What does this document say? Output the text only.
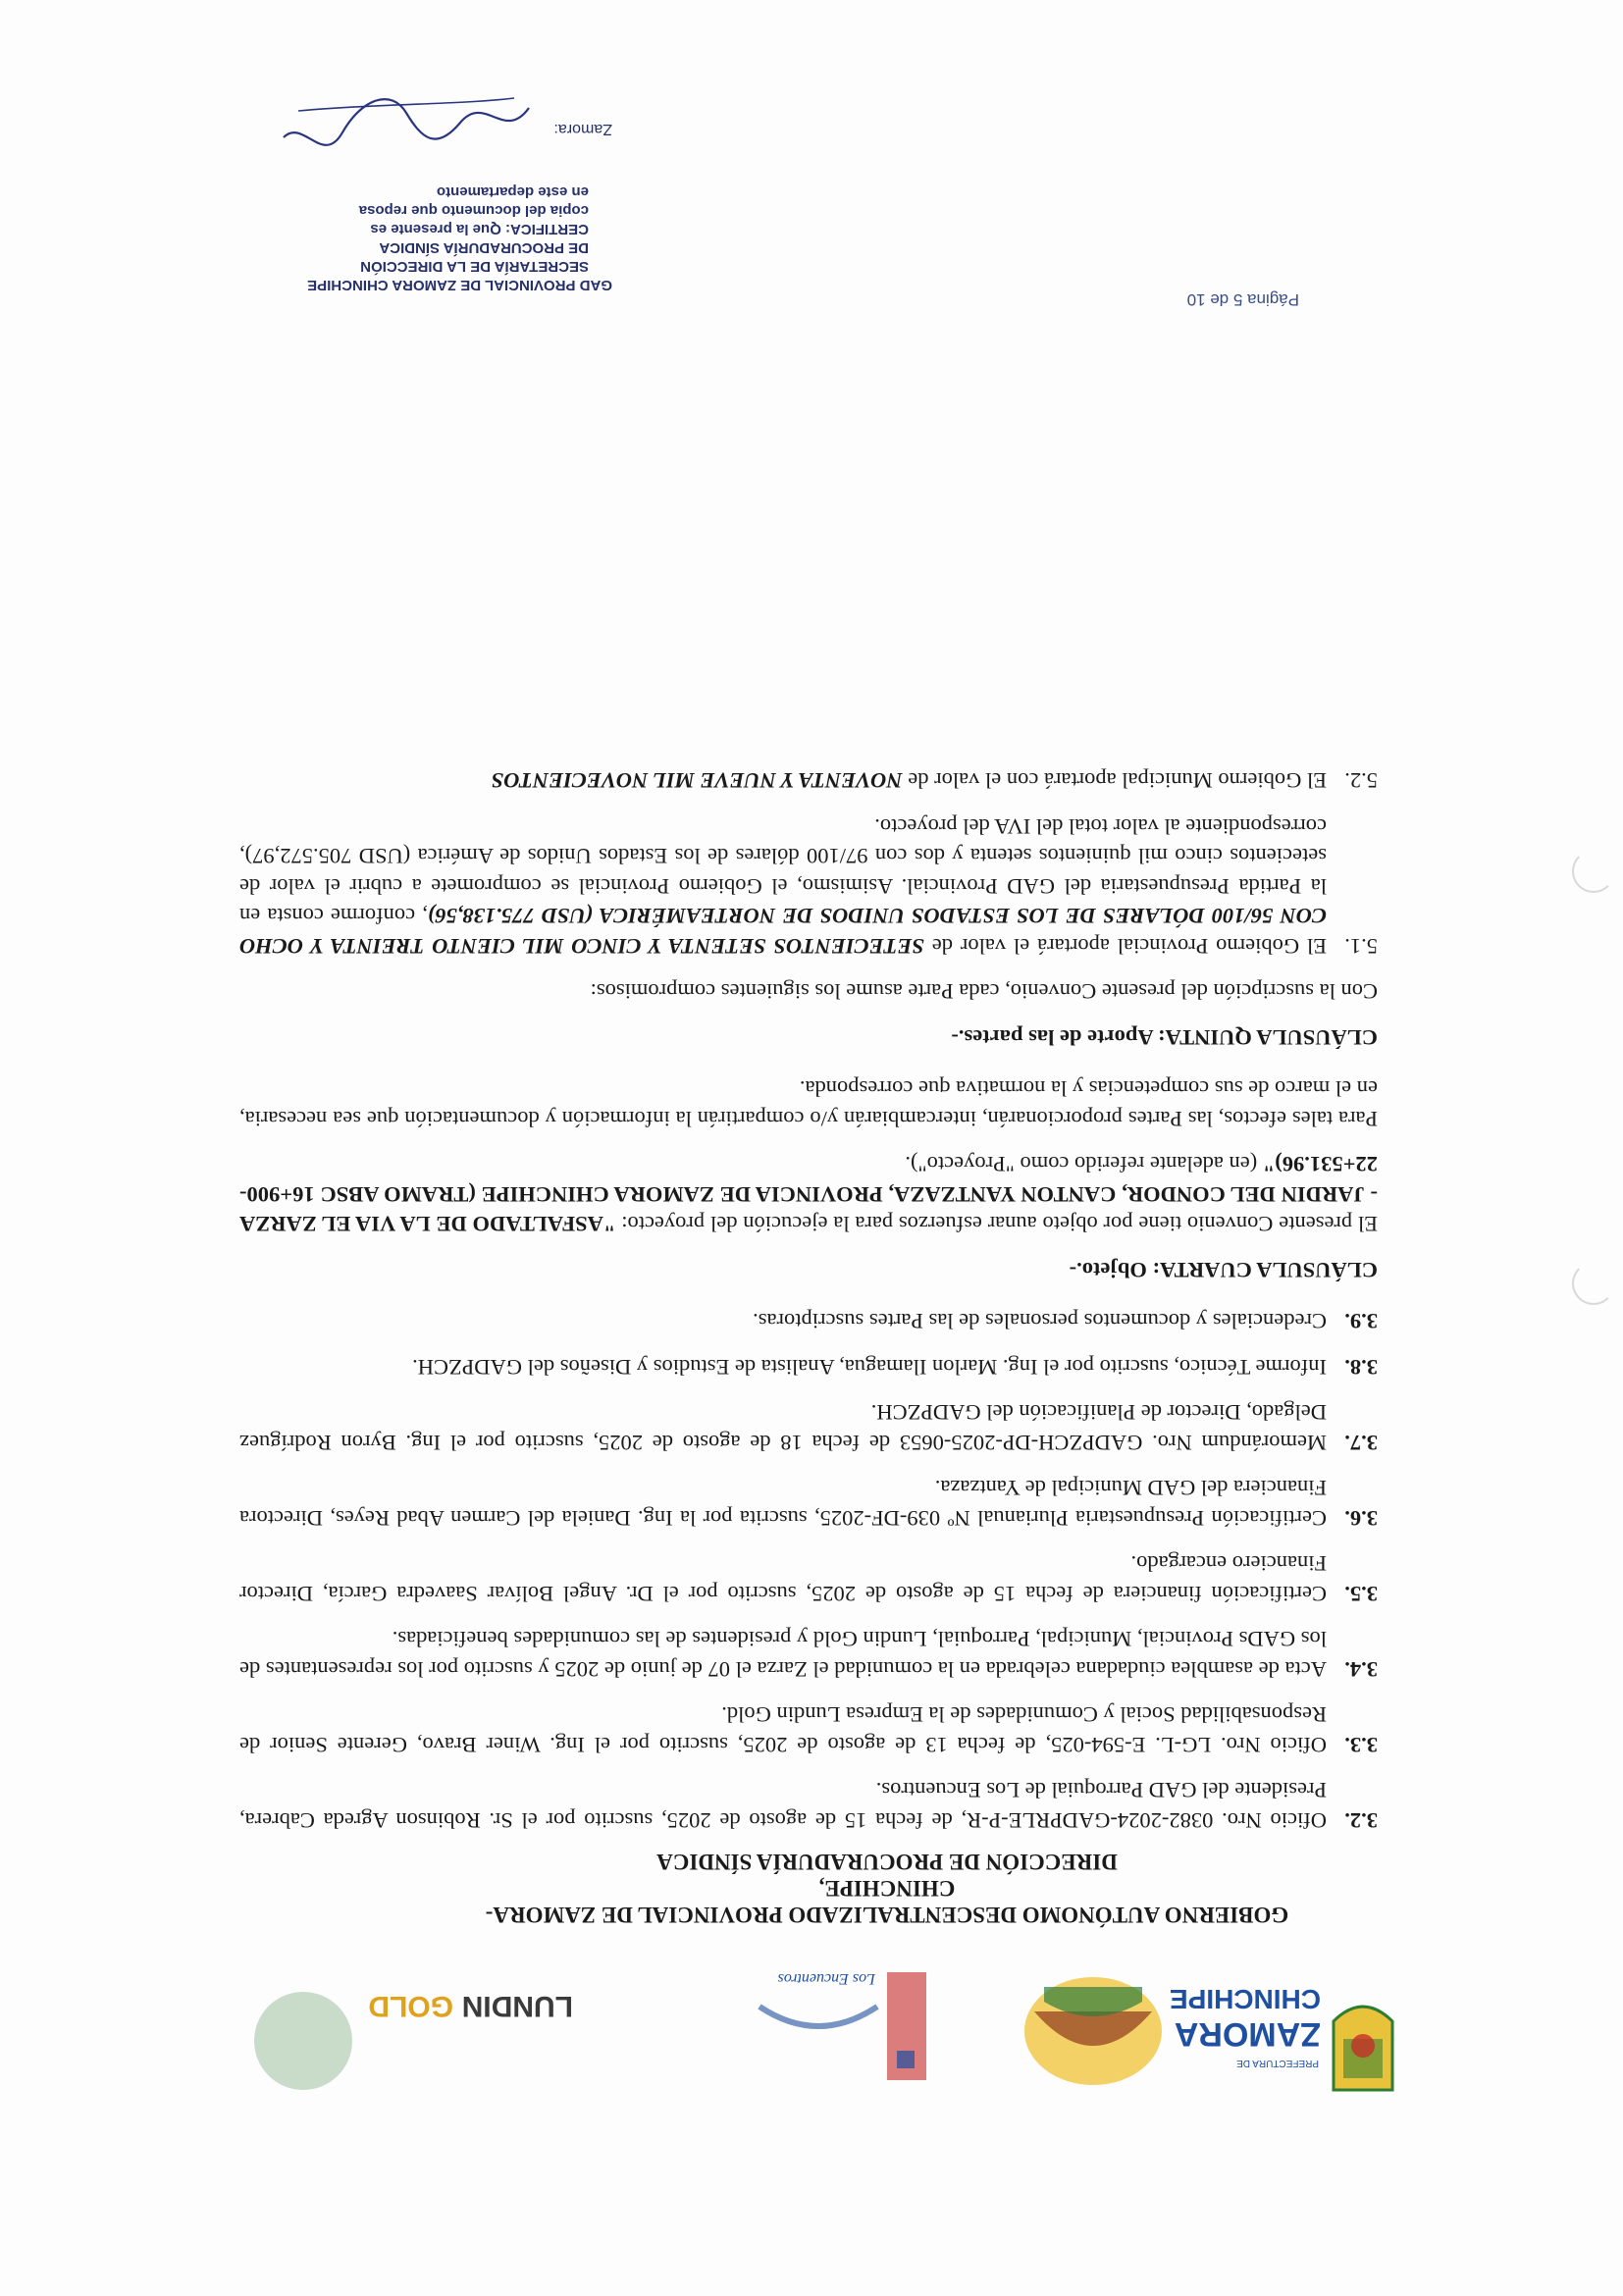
PREFECTURA DE
ZAMORA
CHINCHIPE
Los Encuentros
LUNDIN
GOLD
GOBIERNO AUTÓNOMO DESCENTRALIZADO PROVINCIAL DE ZAMORA-
CHINCHIPE,
DIRECCIÓN DE PROCURADURÍA SÍNDICA
3.2.
Oficio Nro. 0382-2024-GADPRLE-P-R, de fecha 15 de agosto de 2025, suscrito por el Sr. Robinson Agreda Cabrera, Presidente del GAD Parroquial de Los Encuentros.
3.3.
Oficio Nro. LG-L. E-594-025, de fecha 13 de agosto de 2025, suscrito por el Ing. Winer Bravo, Gerente Senior de Responsabilidad Social y Comunidades de la Empresa Lundin Gold.
3.4.
Acta de asamblea ciudadana celebrada en la comunidad el Zarza el 07 de junio de 2025 y suscrito por los representantes de los GADs Provincial, Municipal, Parroquial, Lundin Gold y presidentes de las comunidades beneficiadas.
3.5.
Certificación financiera de fecha 15 de agosto de 2025, suscrito por el Dr. Angel Bolívar Saavedra García, Director Financiero encargado.
3.6.
Certificación Presupuestaria Plurianual Nº 039-DF-2025, suscrita por la Ing. Daniela del Carmen Abad Reyes, Directora Financiera del GAD Municipal de Yantzaza.
3.7.
Memorándum Nro. GADPZCH-DP-2025-0653 de fecha 18 de agosto de 2025, suscrito por el Ing. Byron Rodríguez Delgado, Director de Planificación del GADPZCH.
3.8.
Informe Técnico, suscrito por el Ing. Marlon Ilamagua, Analista de Estudios y Diseños del GADPZCH.
3.9.
Credenciales y documentos personales de las Partes suscriptoras.
CLÁUSULA CUARTA: Objeto.-
El presente Convenio tiene por objeto aunar esfuerzos para la ejecución del proyecto: "ASFALTADO DE LA VIA EL ZARZA - JARDIN DEL CONDOR, CANTON YANTZAZA, PROVINCIA DE ZAMORA CHINCHIPE (TRAMO ABSC 16+900-22+531.96)" (en adelante referido como "Proyecto").
Para tales efectos, las Partes proporcionarán, intercambiarán y/o compartirán la información y documentación que sea necesaria, en el marco de sus competencias y la normativa que corresponda.
CLÁUSULA QUINTA: Aporte de las partes.-
Con la suscripción del presente Convenio, cada Parte asume los siguientes compromisos:
5.1.
El Gobierno Provincial aportará el valor de SETECIENTOS SETENTA Y CINCO MIL CIENTO TREINTA Y OCHO CON 56/100 DÓLARES DE LOS ESTADOS UNIDOS DE NORTEAMÉRICA (USD 775.138,56), conforme consta en la Partida Presupuestaria del GAD Provincial. Asimismo, el Gobierno Provincial se compromete a cubrir el valor de setecientos cinco mil quinientos setenta y dos con 97/100 dólares de los Estados Unidos de América (USD 705.572,97), correspondiente al valor total del IVA del proyecto.
5.2.
El Gobierno Municipal aportará con el valor de NOVENTA Y NUEVE MIL NOVECIENTOS
Página 5 de 10
GAD PROVINCIAL DE ZAMORA CHINCHIPE
SECRETARÍA DE LA DIRECCIÓN
DE PROCURADURÍA SÍNDICA
CERTIFICA: Que la presente es
copia del documento que reposa
en este departamento
Zamora:
